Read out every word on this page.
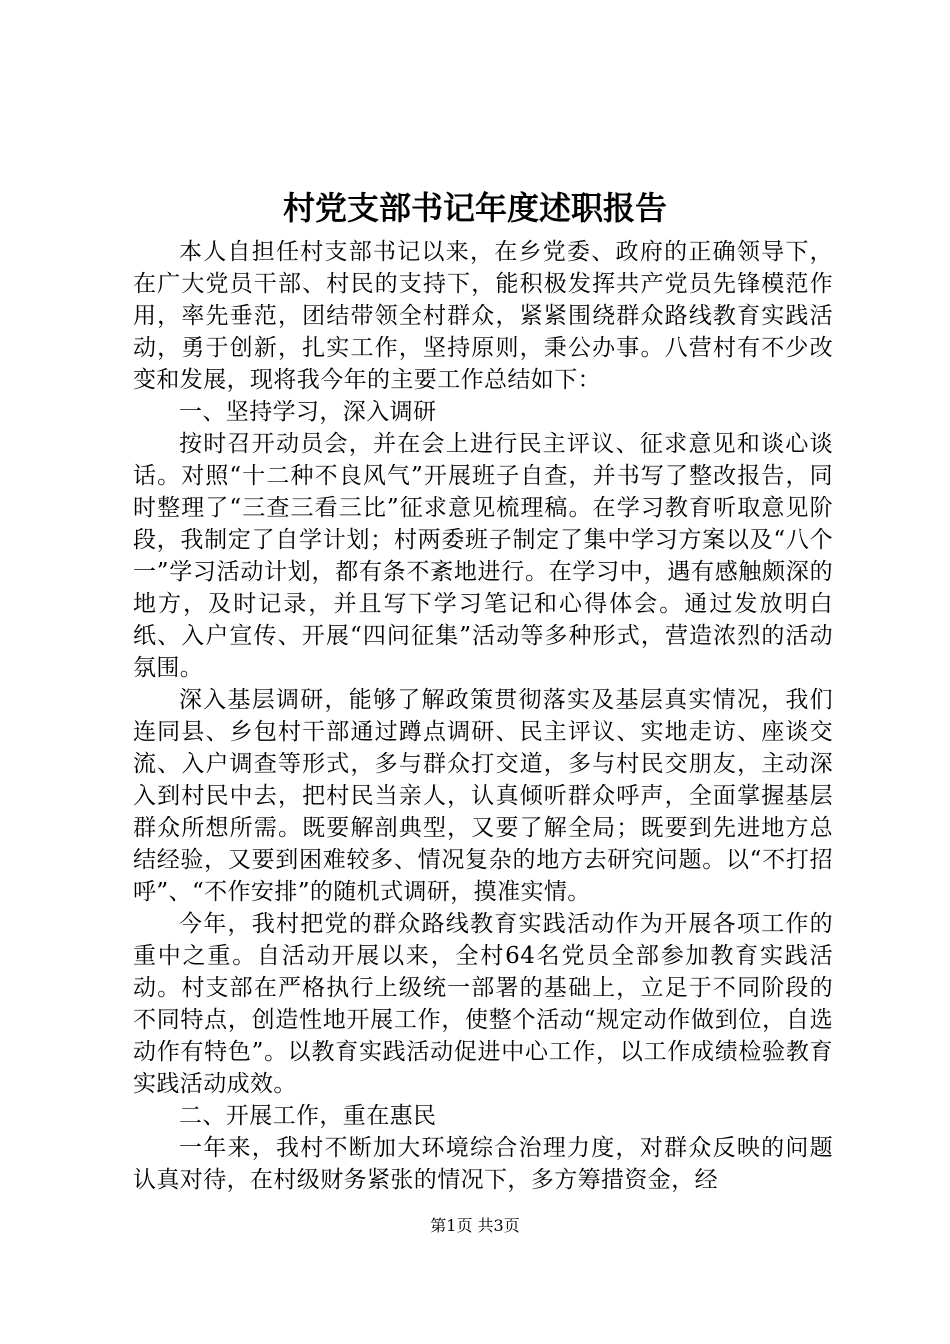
村党支部书记年度述职报告

本人自担任村支部书记以来，在乡党委、政府的正确领导下，在广大党员干部、村民的支持下，能积极发挥共产党员先锋模范作用，率先垂范，团结带领全村群众，紧紧围绕群众路线教育实践活动，勇于创新，扎实工作，坚持原则，秉公办事。八营村有不少改变和发展，现将我今年的主要工作总结如下：

一、坚持学习，深入调研

按时召开动员会，并在会上进行民主评议、征求意见和谈心谈话。对照“十二种不良风气”开展班子自查，并书写了整改报告，同时整理了“三查三看三比”征求意见梳理稿。在学习教育听取意见阶段，我制定了自学计划；村两委班子制定了集中学习方案以及“八个一”学习活动计划，都有条不紊地进行。在学习中，遇有感触颇深的地方，及时记录，并且写下学习笔记和心得体会。通过发放明白纸、入户宣传、开展“四问征集”活动等多种形式，营造浓烈的活动氛围。

深入基层调研，能够了解政策贯彻落实及基层真实情况，我们连同县、乡包村干部通过蹲点调研、民主评议、实地走访、座谈交流、入户调查等形式，多与群众打交道，多与村民交朋友，主动深入到村民中去，把村民当亲人，认真倾听群众呼声，全面掌握基层群众所想所需。既要解剖典型，又要了解全局；既要到先进地方总结经验，又要到困难较多、情况复杂的地方去研究问题。以“不打招呼”、“不作安排”的随机式调研，摸准实情。

今年，我村把党的群众路线教育实践活动作为开展各项工作的重中之重。自活动开展以来，全村64名党员全部参加教育实践活动。村支部在严格执行上级统一部署的基础上，立足于不同阶段的不同特点，创造性地开展工作，使整个活动“规定动作做到位，自选动作有特色”。以教育实践活动促进中心工作，以工作成绩检验教育实践活动成效。

二、开展工作，重在惠民

一年来，我村不断加大环境综合治理力度，对群众反映的问题认真对待，在村级财务紧张的情况下，多方筹措资金，经

第1页 共3页
